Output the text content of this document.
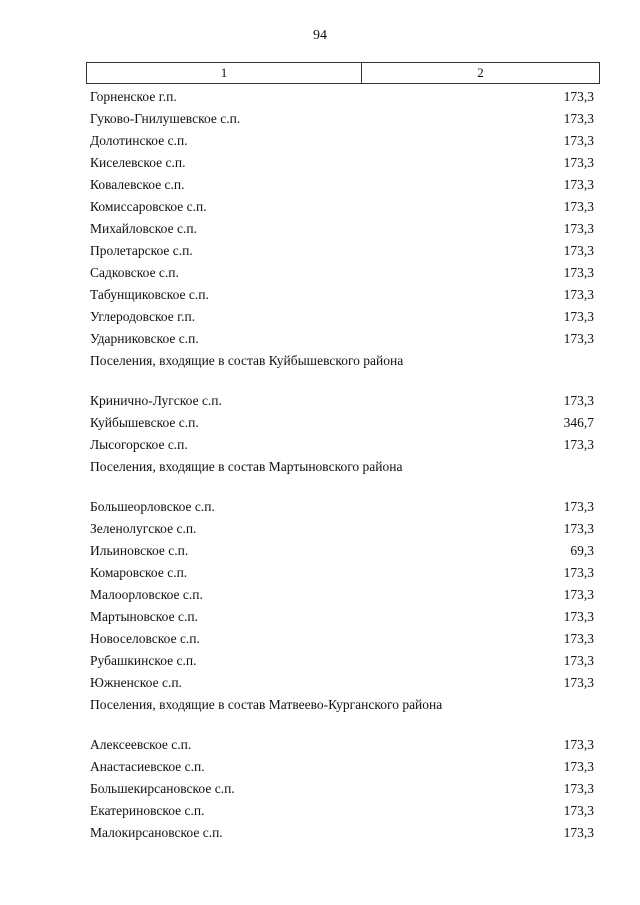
94
1	2
Горненское г.п.	173,3
Гуково-Гнилушевское с.п.	173,3
Долотинское с.п.	173,3
Киселевское с.п.	173,3
Ковалевское с.п.	173,3
Комиссаровское с.п.	173,3
Михайловское с.п.	173,3
Пролетарское с.п.	173,3
Садковское с.п.	173,3
Табунщиковское с.п.	173,3
Углеродовское г.п.	173,3
Ударниковское с.п.	173,3
Поселения, входящие в состав Куйбышевского района
Кринично-Лугское с.п.	173,3
Куйбышевское с.п.	346,7
Лысогорское с.п.	173,3
Поселения, входящие в состав Мартыновского района
Большеорловское с.п.	173,3
Зеленолугское с.п.	173,3
Ильиновское с.п.	69,3
Комаровское с.п.	173,3
Малоорловское с.п.	173,3
Мартыновское с.п.	173,3
Новоселовское с.п.	173,3
Рубашкинское с.п.	173,3
Южненское с.п.	173,3
Поселения, входящие в состав Матвеево-Курганского района
Алексеевское с.п.	173,3
Анастасиевское с.п.	173,3
Большекирсановское с.п.	173,3
Екатериновское с.п.	173,3
Малокирсановское с.п.	173,3
